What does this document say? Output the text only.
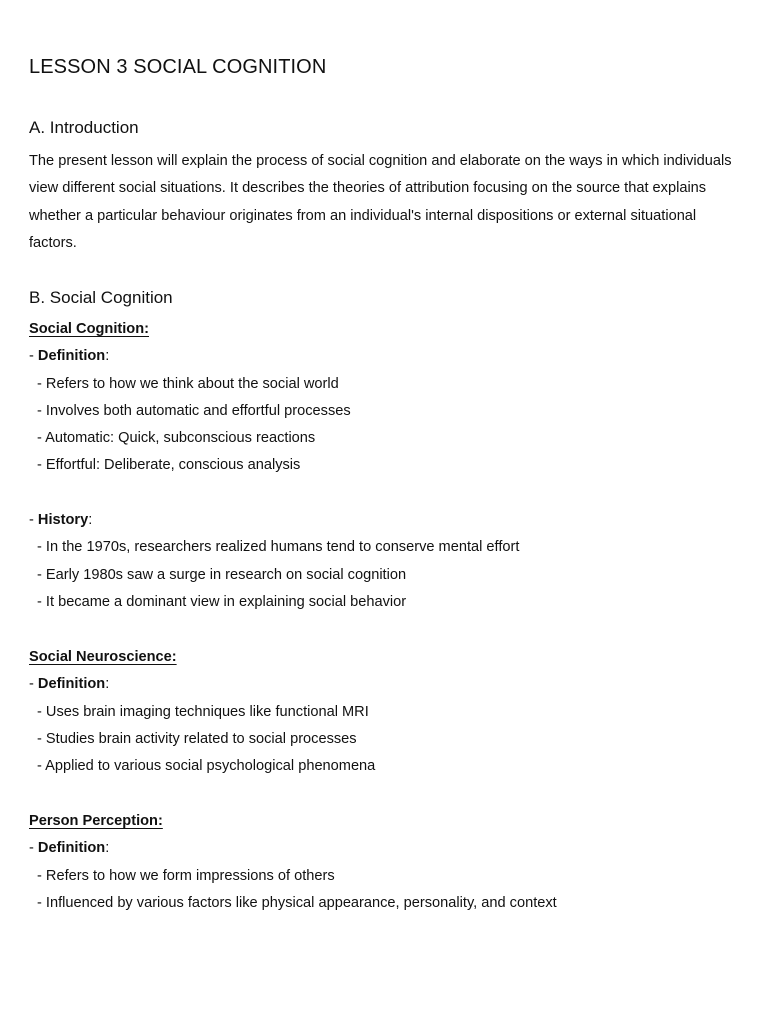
LESSON 3 SOCIAL COGNITION
A. Introduction

The present lesson will explain the process of social cognition and elaborate on the ways in which individuals view different social situations. It describes the theories of attribution focusing on the source that explains whether a particular behaviour originates from an individual's internal dispositions or external situational factors.

B. Social Cognition
Social Cognition:
- Definition:
- Refers to how we think about the social world
- Involves both automatic and effortful processes
- Automatic: Quick, subconscious reactions
- Effortful: Deliberate, conscious analysis
- History:
- In the 1970s, researchers realized humans tend to conserve mental effort
- Early 1980s saw a surge in research on social cognition
- It became a dominant view in explaining social behavior
Social Neuroscience:
- Definition:
- Uses brain imaging techniques like functional MRI
- Studies brain activity related to social processes
- Applied to various social psychological phenomena
Person Perception:
- Definition:
- Refers to how we form impressions of others
- Influenced by various factors like physical appearance, personality, and context
